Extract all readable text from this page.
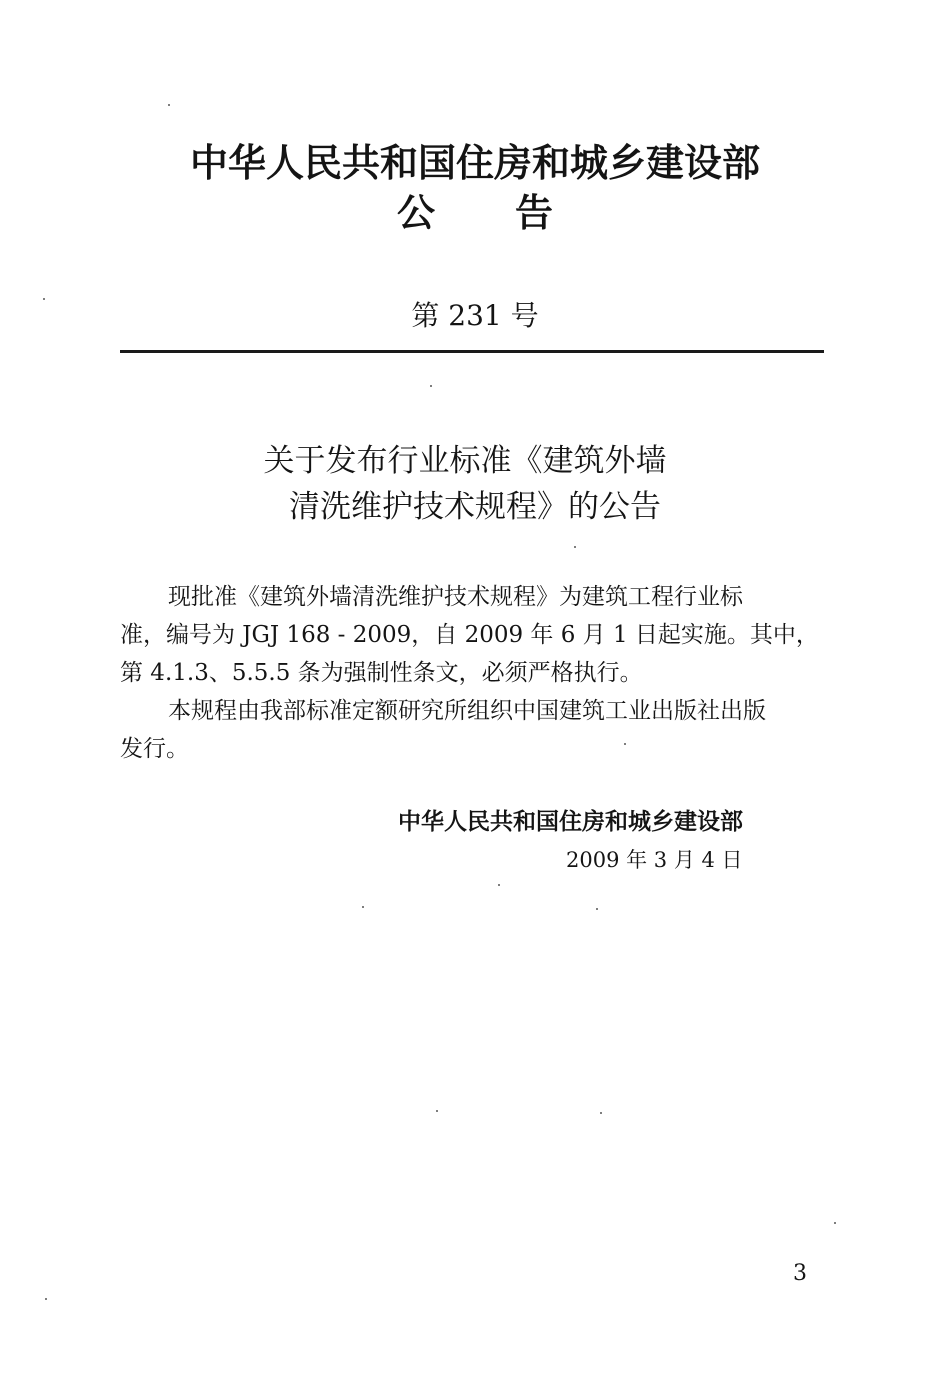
中华人民共和国住房和城乡建设部
公告
第 231 号
关于发布行业标准《建筑外墙
清洗维护技术规程》的公告
现批准《建筑外墙清洗维护技术规程》为建筑工程行业标
准，编号为 JGJ 168 - 2009，自 2009 年 6 月 1 日起实施。其中，
第 4.1.3、5.5.5 条为强制性条文，必须严格执行。
本规程由我部标准定额研究所组织中国建筑工业出版社出版
发行。
中华人民共和国住房和城乡建设部
2009 年 3 月 4 日
3
